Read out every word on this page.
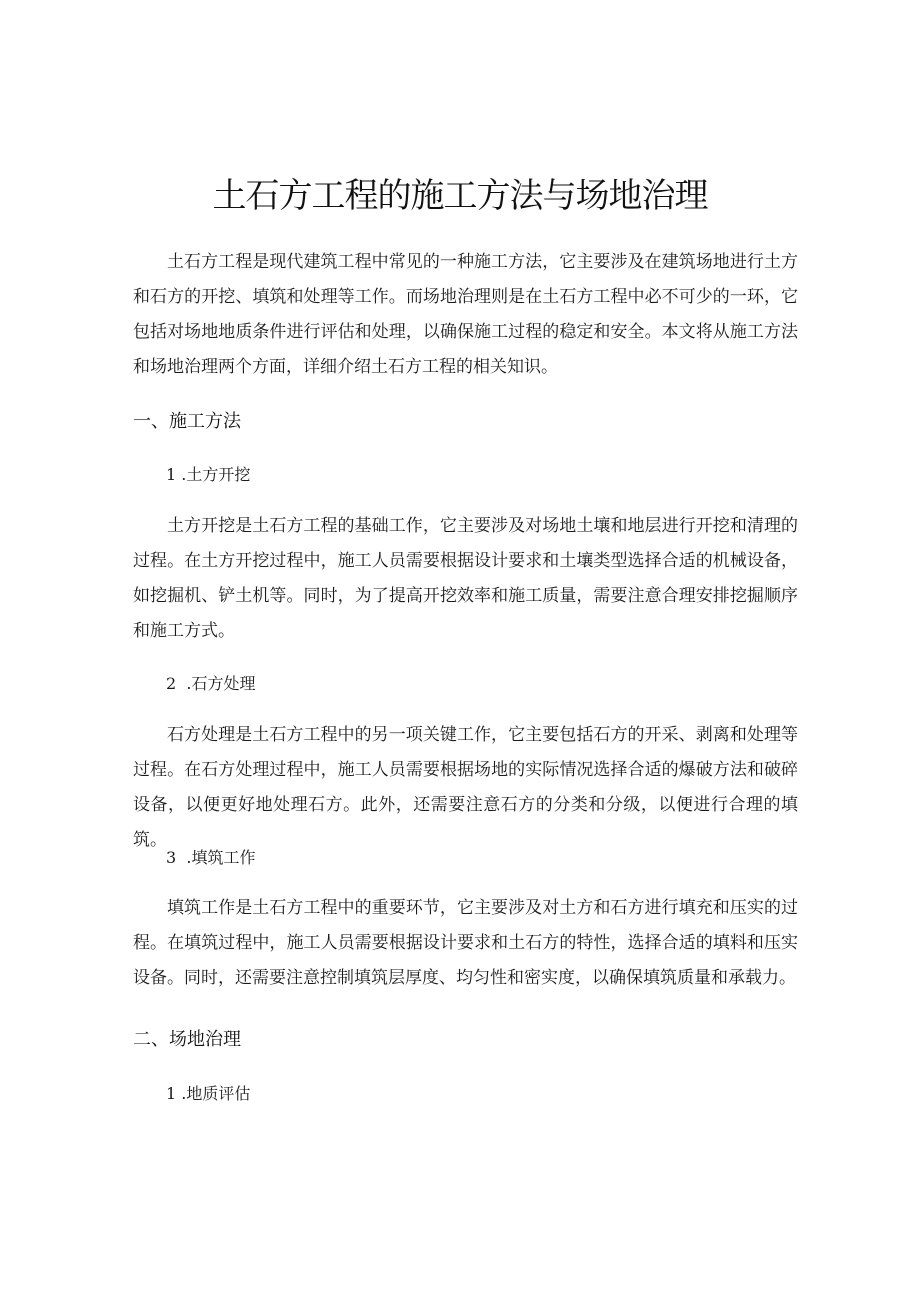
土石方工程的施工方法与场地治理

土石方工程是现代建筑工程中常见的一种施工方法，它主要涉及在建筑场地进行土方和石方的开挖、填筑和处理等工作。而场地治理则是在土石方工程中必不可少的一环，它包括对场地地质条件进行评估和处理，以确保施工过程的稳定和安全。本文将从施工方法和场地治理两个方面，详细介绍土石方工程的相关知识。

一、施工方法
1 .土方开挖

土方开挖是土石方工程的基础工作，它主要涉及对场地土壤和地层进行开挖和清理的过程。在土方开挖过程中，施工人员需要根据设计要求和土壤类型选择合适的机械设备，如挖掘机、铲土机等。同时，为了提高开挖效率和施工质量，需要注意合理安排挖掘顺序和施工方式。

2  .石方处理

石方处理是土石方工程中的另一项关键工作，它主要包括石方的开采、剥离和处理等过程。在石方处理过程中，施工人员需要根据场地的实际情况选择合适的爆破方法和破碎设备，以便更好地处理石方。此外，还需要注意石方的分类和分级，以便进行合理的填筑。

3  .填筑工作

填筑工作是土石方工程中的重要环节，它主要涉及对土方和石方进行填充和压实的过程。在填筑过程中，施工人员需要根据设计要求和土石方的特性，选择合适的填料和压实设备。同时，还需要注意控制填筑层厚度、均匀性和密实度，以确保填筑质量和承载力。

二、场地治理
1 .地质评估
